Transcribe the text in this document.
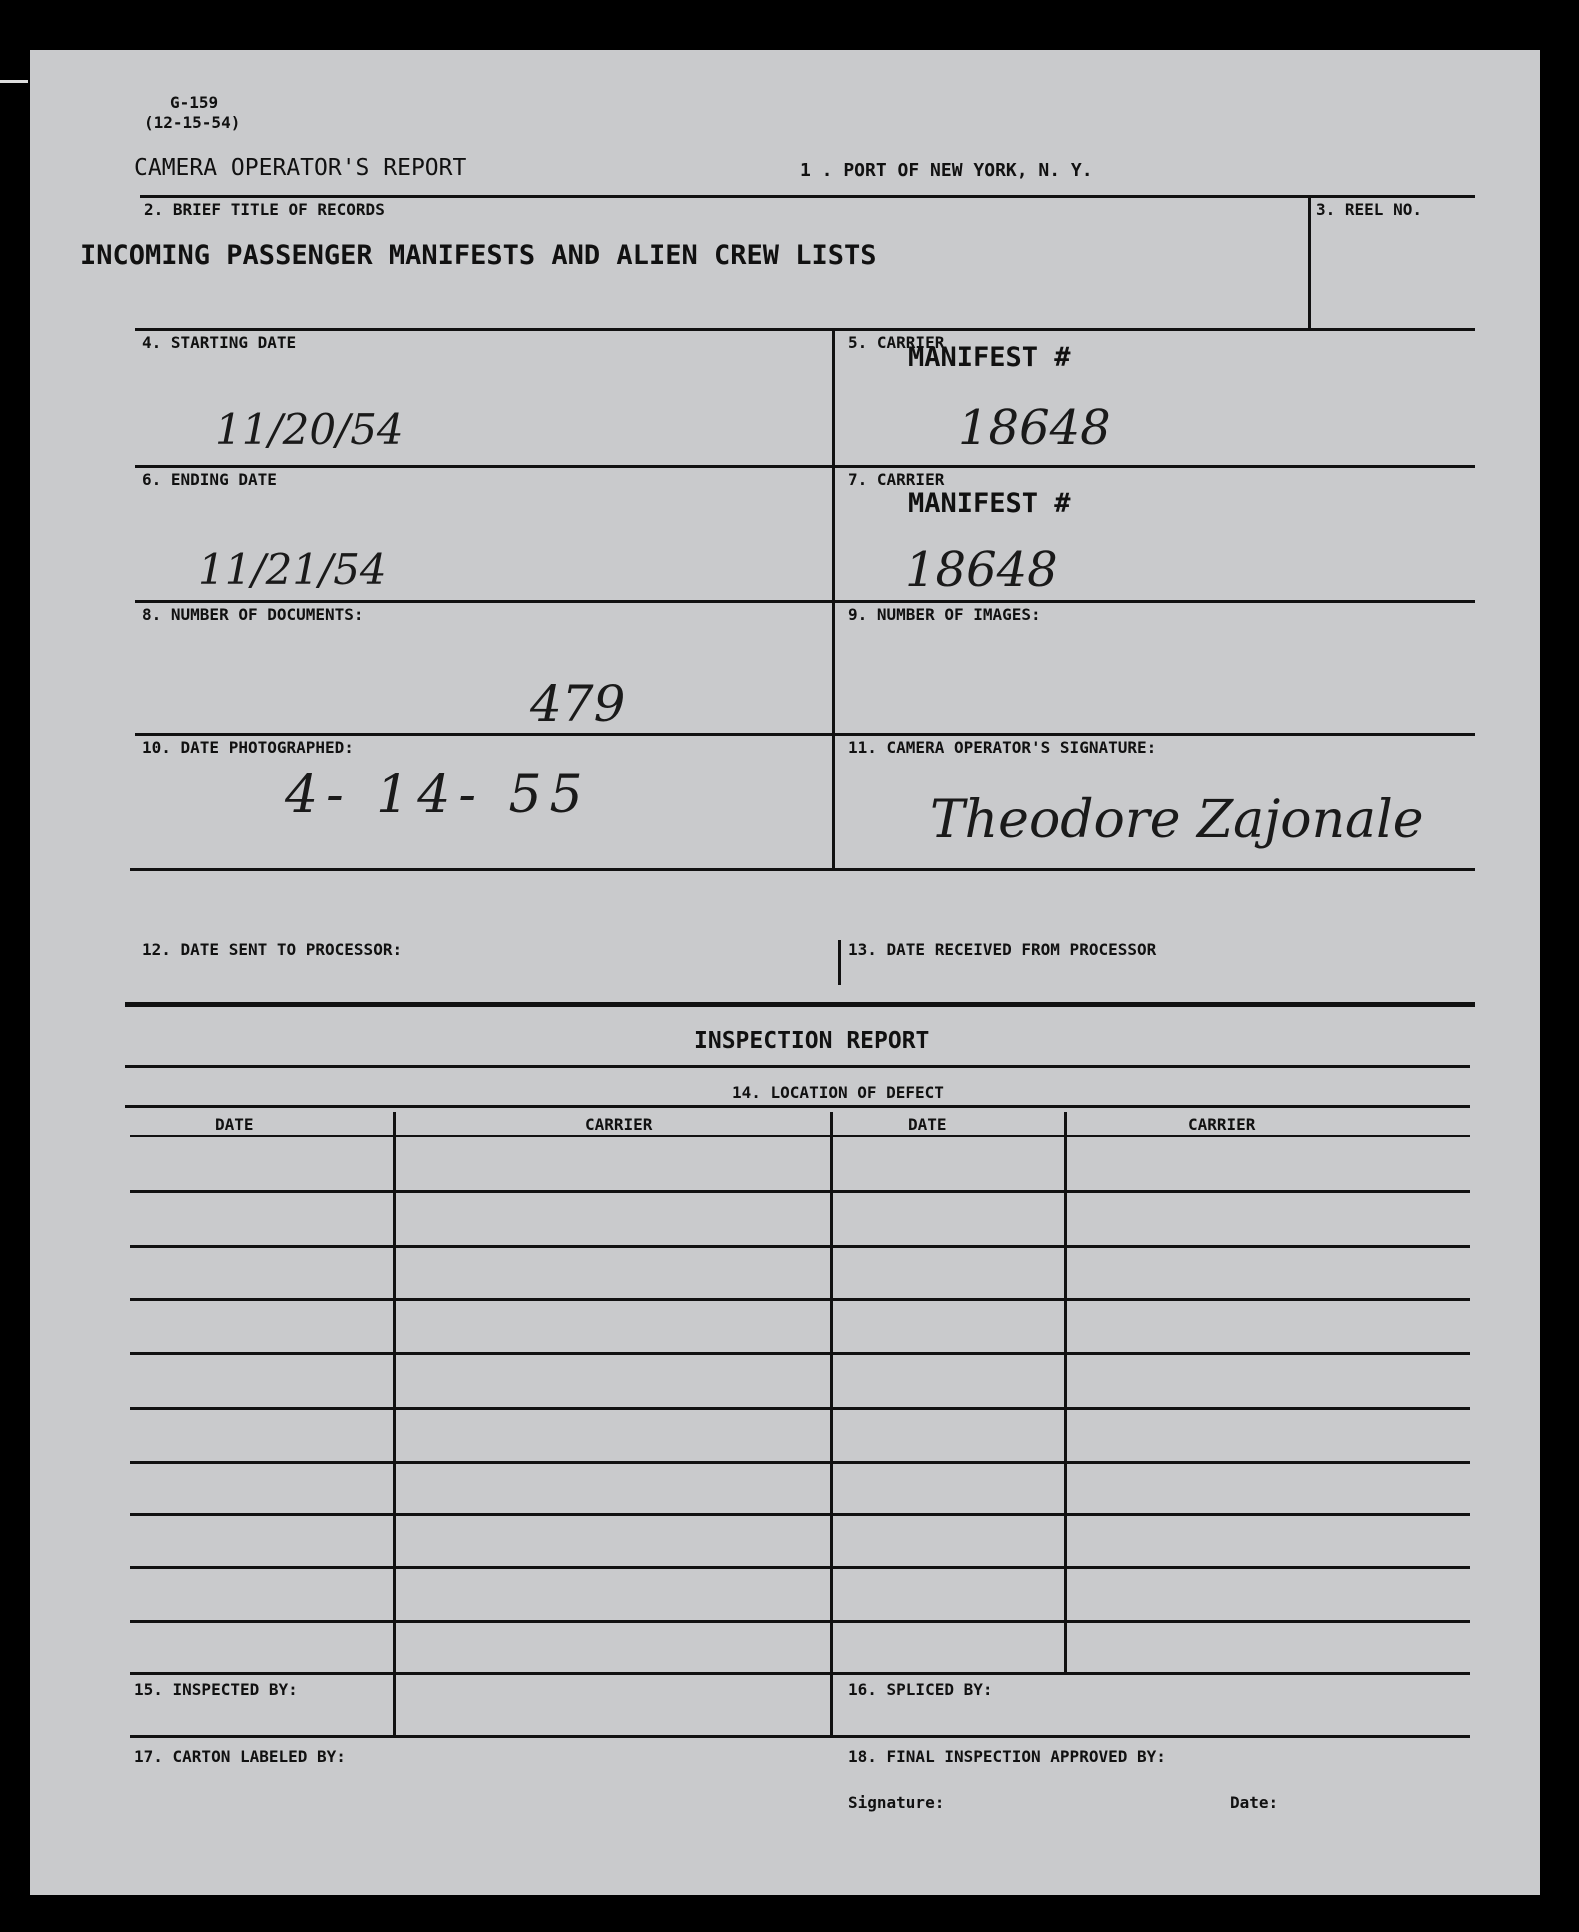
G-159
(12-15-54)
CAMERA OPERATOR'S REPORT	1 . PORT OF NEW YORK, N. Y.
2. BRIEF TITLE OF RECORDS
INCOMING PASSENGER MANIFESTS AND ALIEN CREW LISTS
3. REEL NO.
4. STARTING DATE
11/20/54
5. CARRIER
MANIFEST #
18648
6. ENDING DATE
11/21/54
7. CARRIER
MANIFEST #
18648
8. NUMBER OF DOCUMENTS:
479
9. NUMBER OF IMAGES:
10. DATE PHOTOGRAPHED:
4- 14- 55
11. CAMERA OPERATOR'S SIGNATURE:
Theodore Zajonale
12. DATE SENT TO PROCESSOR:	13. DATE RECEIVED FROM PROCESSOR
INSPECTION REPORT
14. LOCATION OF DEFECT
DATE	CARRIER	DATE	CARRIER
15. INSPECTED BY:	16. SPLICED BY:
17. CARTON LABELED BY:	18. FINAL INSPECTION APPROVED BY:
Signature:	Date:
